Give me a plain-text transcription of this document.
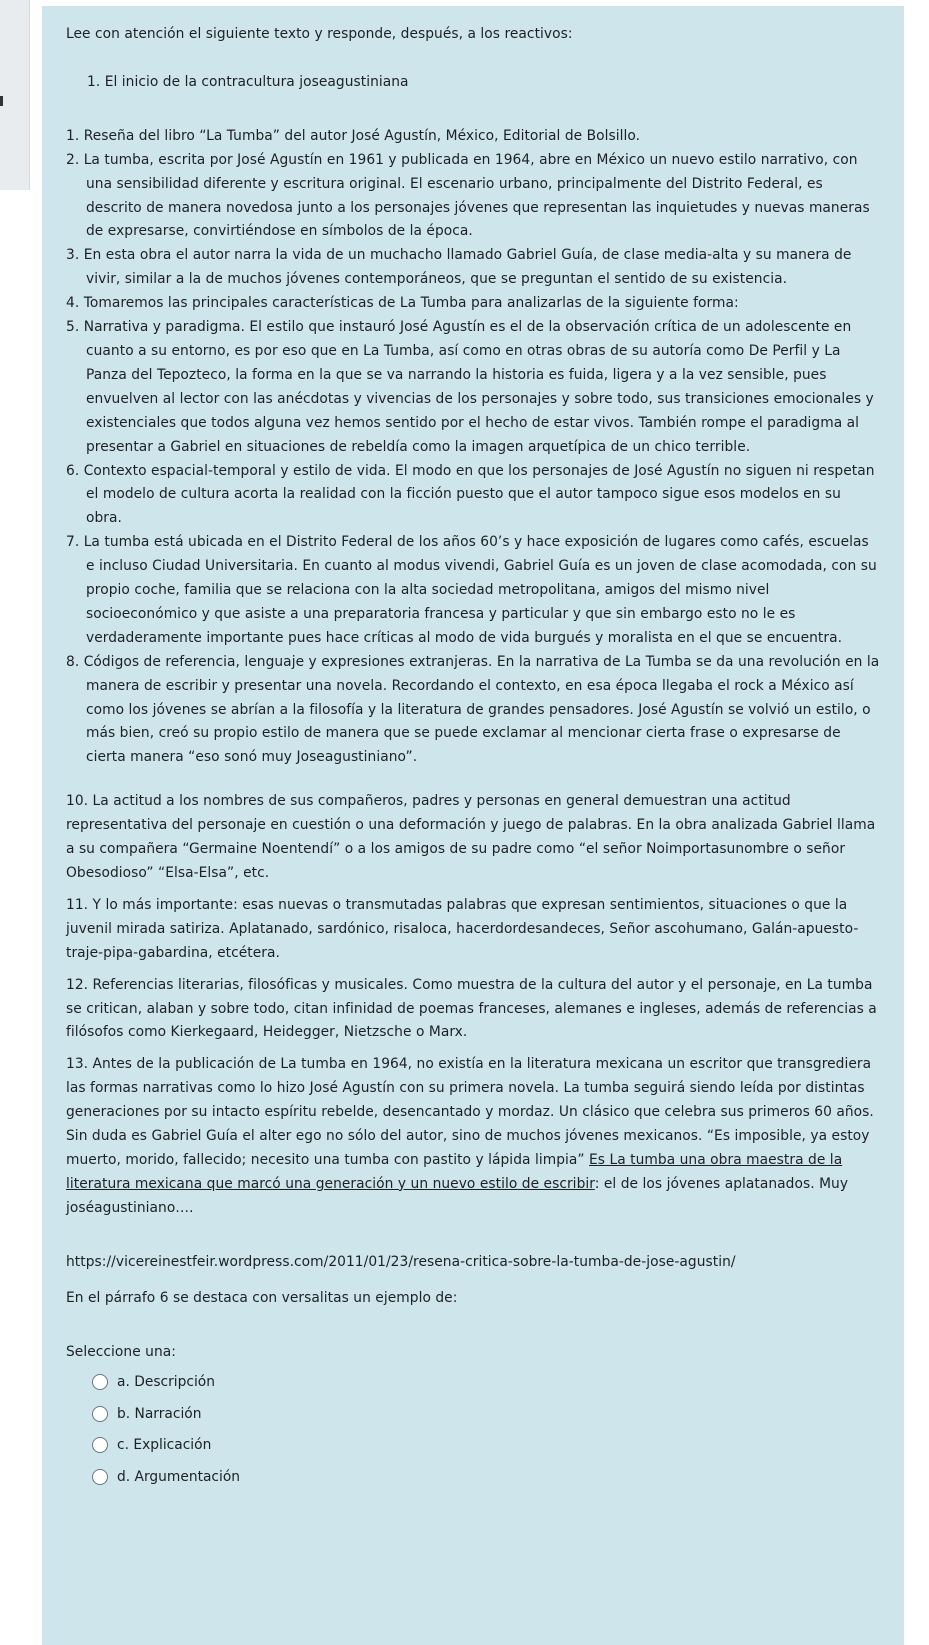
Lee con atención el siguiente texto y responde, después, a los reactivos:

1. El inicio de la contracultura joseagustiniana

1. Reseña del libro “La Tumba” del autor José Agustín, México, Editorial de Bolsillo.
2. La tumba, escrita por José Agustín en 1961 y publicada en 1964, abre en México un nuevo estilo narrativo, con una sensibilidad diferente y escritura original. El escenario urbano, principalmente del Distrito Federal, es descrito de manera novedosa junto a los personajes jóvenes que representan las inquietudes y nuevas maneras de expresarse, convirtiéndose en símbolos de la época.
3. En esta obra el autor narra la vida de un muchacho llamado Gabriel Guía, de clase media-alta y su manera de vivir, similar a la de muchos jóvenes contemporáneos, que se preguntan el sentido de su existencia.
4. Tomaremos las principales características de La Tumba para analizarlas de la siguiente forma:
5. Narrativa y paradigma. El estilo que instauró José Agustín es el de la observación crítica de un adolescente en cuanto a su entorno, es por eso que en La Tumba, así como en otras obras de su autoría como De Perfil y La Panza del Tepozteco, la forma en la que se va narrando la historia es fuida, ligera y a la vez sensible, pues envuelven al lector con las anécdotas y vivencias de los personajes y sobre todo, sus transiciones emocionales y existenciales que todos alguna vez hemos sentido por el hecho de estar vivos. También rompe el paradigma al presentar a Gabriel en situaciones de rebeldía como la imagen arquetípica de un chico terrible.
6. Contexto espacial-temporal y estilo de vida. El modo en que los personajes de José Agustín no siguen ni respetan el modelo de cultura acorta la realidad con la ficción puesto que el autor tampoco sigue esos modelos en su obra.
7. La tumba está ubicada en el Distrito Federal de los años 60’s y hace exposición de lugares como cafés, escuelas e incluso Ciudad Universitaria. En cuanto al modus vivendi, Gabriel Guía es un joven de clase acomodada, con su propio coche, familia que se relaciona con la alta sociedad metropolitana, amigos del mismo nivel socioeconómico y que asiste a una preparatoria francesa y particular y que sin embargo esto no le es verdaderamente importante pues hace críticas al modo de vida burgués y moralista en el que se encuentra.
8. Códigos de referencia, lenguaje y expresiones extranjeras. En la narrativa de La Tumba se da una revolución en la manera de escribir y presentar una novela. Recordando el contexto, en esa época llegaba el rock a México así como los jóvenes se abrían a la filosofía y la literatura de grandes pensadores. José Agustín se volvió un estilo, o más bien, creó su propio estilo de manera que se puede exclamar al mencionar cierta frase o expresarse de cierta manera “eso sonó muy Joseagustiniano”.

10. La actitud a los nombres de sus compañeros, padres y personas en general demuestran una actitud representativa del personaje en cuestión o una deformación y juego de palabras. En la obra analizada Gabriel llama a su compañera “Germaine Noentendí” o a los amigos de su padre como “el señor Noimportasunombre o señor Obesodioso” “Elsa-Elsa”, etc.

11. Y lo más importante: esas nuevas o transmutadas palabras que expresan sentimientos, situaciones o que la juvenil mirada satiriza. Aplatanado, sardónico, risaloca, hacerdordesandeces, Señor ascohumano, Galán-apuesto-traje-pipa-gabardina, etcétera.

12. Referencias literarias, filosóficas y musicales. Como muestra de la cultura del autor y el personaje, en La tumba se critican, alaban y sobre todo, citan infinidad de poemas franceses, alemanes e ingleses, además de referencias a filósofos como Kierkegaard, Heidegger, Nietzsche o Marx.

13. Antes de la publicación de La tumba en 1964, no existía en la literatura mexicana un escritor que transgrediera las formas narrativas como lo hizo José Agustín con su primera novela. La tumba seguirá siendo leída por distintas generaciones por su intacto espíritu rebelde, desencantado y mordaz. Un clásico que celebra sus primeros 60 años. Sin duda es Gabriel Guía el alter ego no sólo del autor, sino de muchos jóvenes mexicanos. “Es imposible, ya estoy muerto, morido, fallecido; necesito una tumba con pastito y lápida limpia” Es La tumba una obra maestra de la literatura mexicana que marcó una generación y un nuevo estilo de escribir: el de los jóvenes aplatanados. Muy joséagustiniano….

https://vicereinestfeir.wordpress.com/2011/01/23/resena-critica-sobre-la-tumba-de-jose-agustin/

En el párrafo 6 se destaca con versalitas un ejemplo de:

Seleccione una:

a. Descripción
b. Narración
c. Explicación
d. Argumentación
